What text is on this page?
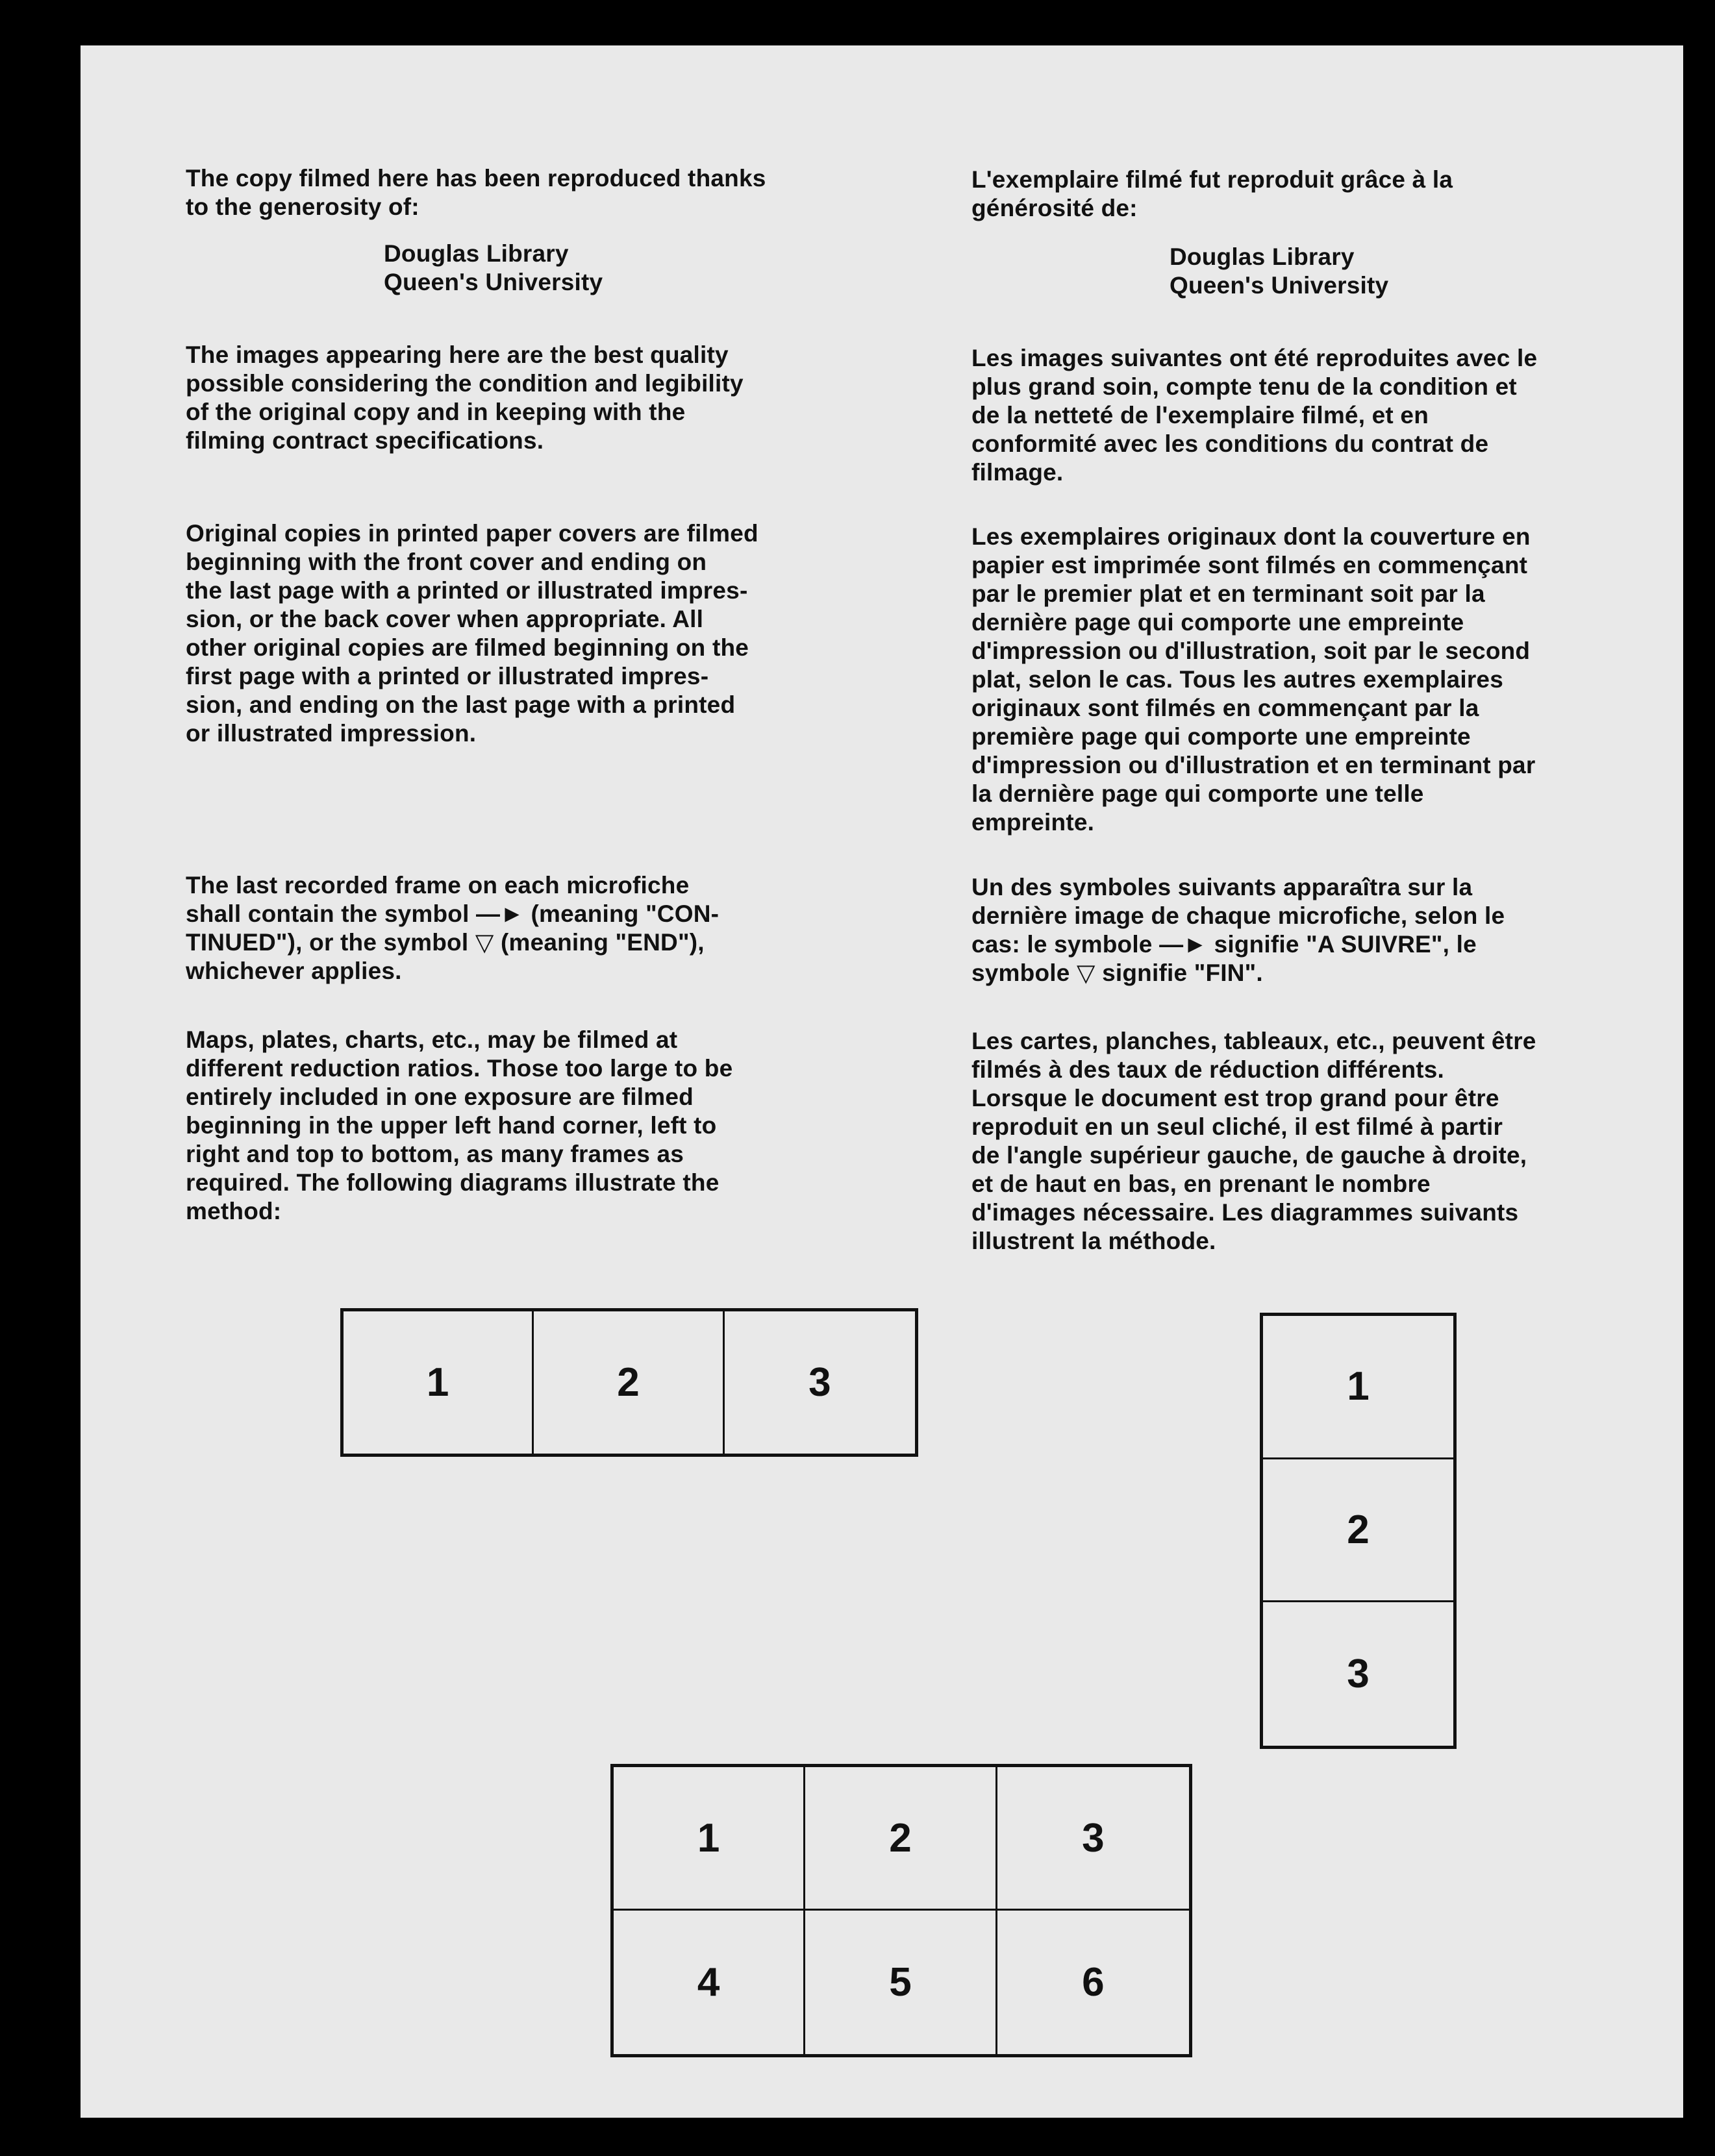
The copy filmed here has been reproduced thanks
to the generosity of:

Douglas Library
Queen's University

The images appearing here are the best quality
possible considering the condition and legibility
of the original copy and in keeping with the
filming contract specifications.

Original copies in printed paper covers are filmed
beginning with the front cover and ending on
the last page with a printed or illustrated impres-
sion, or the back cover when appropriate. All
other original copies are filmed beginning on the
first page with a printed or illustrated impres-
sion, and ending on the last page with a printed
or illustrated impression.

The last recorded frame on each microfiche
shall contain the symbol —► (meaning "CON-
TINUED"), or the symbol ▽ (meaning "END"),
whichever applies.

Maps, plates, charts, etc., may be filmed at
different reduction ratios. Those too large to be
entirely included in one exposure are filmed
beginning in the upper left hand corner, left to
right and top to bottom, as many frames as
required. The following diagrams illustrate the
method:

L'exemplaire filmé fut reproduit grâce à la
générosité de:

Douglas Library
Queen's University

Les images suivantes ont été reproduites avec le
plus grand soin, compte tenu de la condition et
de la netteté de l'exemplaire filmé, et en
conformité avec les conditions du contrat de
filmage.

Les exemplaires originaux dont la couverture en
papier est imprimée sont filmés en commençant
par le premier plat et en terminant soit par la
dernière page qui comporte une empreinte
d'impression ou d'illustration, soit par le second
plat, selon le cas. Tous les autres exemplaires
originaux sont filmés en commençant par la
première page qui comporte une empreinte
d'impression ou d'illustration et en terminant par
la dernière page qui comporte une telle
empreinte.

Un des symboles suivants apparaîtra sur la
dernière image de chaque microfiche, selon le
cas: le symbole —► signifie "A SUIVRE", le
symbole ▽ signifie "FIN".

Les cartes, planches, tableaux, etc., peuvent être
filmés à des taux de réduction différents.
Lorsque le document est trop grand pour être
reproduit en un seul cliché, il est filmé à partir
de l'angle supérieur gauche, de gauche à droite,
et de haut en bas, en prenant le nombre
d'images nécessaire. Les diagrammes suivants
illustrent la méthode.

1	2	3	1
2
3
1	2	3
4	5	6
